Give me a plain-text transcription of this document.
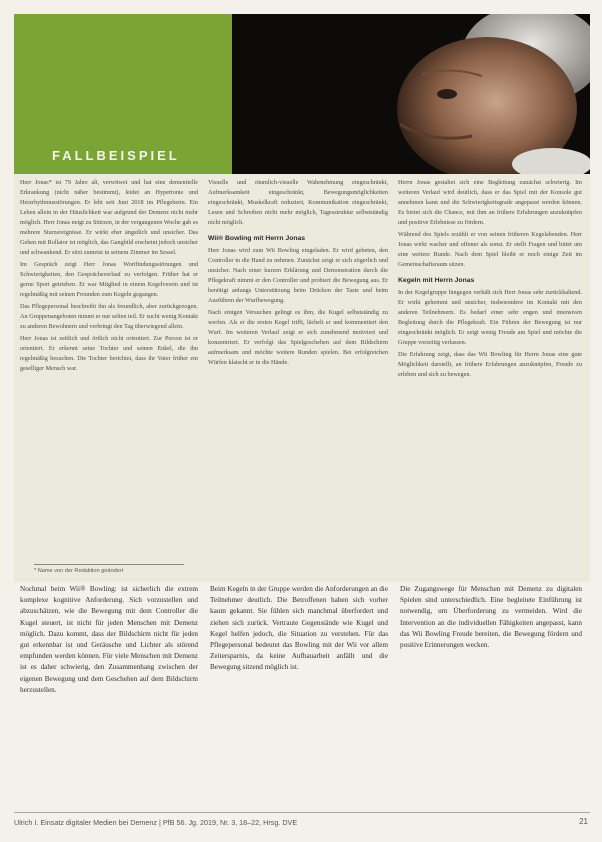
FALLBEISPIEL

Herr Jonas* ist 79 Jahre alt, verwitwet und hat eine dementielle Erkrankung (nicht näher bestimmt), leidet an Hypertonie und Herzrhythmusstörungen. Er lebt seit Juni 2018 im Pflegeheim. Ein Leben allein in der Häuslichkeit war aufgrund der Demenz nicht mehr möglich. Herr Jonas neigt zu Stürzen, in der vergangenen Woche gab es mehrere Sturzereignisse. Er wirkt eher ängstlich und unsicher. Das Gehen mit Rollator ist möglich, das Gangbild erscheint jedoch unsicher und schwankend. Er sitzt zumeist in seinem Zimmer im Sessel.

Im Gespräch zeigt Herr Jonas Wortfindungsstörungen und Schwierigkeiten, den Gesprächsverlauf zu verfolgen. Früher hat er gerne Sport getrieben. Er war Mitglied in einem Kegelverein und ist regelmäßig mit seinen Freunden zum Kegeln gegangen.

Das Pflegepersonal beschreibt ihn als freundlich, aber zurückgezogen. An Gruppenangeboten nimmt er nur selten teil. Er sucht wenig Kontakt zu anderen Bewohnern und verbringt den Tag überwiegend allein.

Herr Jonas ist zeitlich und örtlich nicht orientiert. Zur Person ist er orientiert. Er erkennt seine Tochter und seinen Enkel, die ihn regelmäßig besuchen. Die Tochter berichtet, dass ihr Vater früher ein geselliger Mensch war.

* Name von der Redaktion geändert

Visuelle und räumlich-visuelle Wahrnehmung eingeschränkt, Aufmerksamkeit eingeschränkt, Bewegungsmöglichkeiten eingeschränkt, Muskelkraft reduziert, Kommunikation eingeschränkt, Lesen und Schreiben nicht mehr möglich, Tagesstruktur selbstständig nicht möglich.

Wii® Bowling mit Herrn Jonas

Herr Jonas wird zum Wii Bowling eingeladen. Er wird gebeten, den Controller in die Hand zu nehmen. Zunächst zeigt er sich zögerlich und unsicher. Nach einer kurzen Erklärung und Demonstration durch die Pflegekraft nimmt er den Controller und probiert die Bewegung aus. Er benötigt anfangs Unterstützung beim Drücken der Taste und beim Ausführen der Wurfbewegung.

Nach einigen Versuchen gelingt es ihm, die Kugel selbstständig zu werfen. Als er die ersten Kegel trifft, lächelt er und kommentiert den Wurf. Im weiteren Verlauf zeigt er sich zunehmend motiviert und konzentriert. Er verfolgt das Spielgeschehen auf dem Bildschirm aufmerksam und möchte weitere Runden spielen. Bei erfolgreichen Würfen klatscht er in die Hände.

Herrn Jonas gestaltet sich eine Begleitung zunächst schwierig. Im weiteren Verlauf wird deutlich, dass er das Spiel mit der Konsole gut annehmen kann und die Schwierigkeitsgrade angepasst werden können. Es bietet sich die Chance, mit ihm an frühere Erfahrungen anzuknüpfen und positive Erlebnisse zu fördern.

Während des Spiels erzählt er von seinen früheren Kegelabenden. Herr Jonas wirkt wacher und offener als sonst. Er stellt Fragen und bittet um eine weitere Runde. Nach dem Spiel bleibt er noch einige Zeit im Gemeinschaftsraum sitzen.

Kegeln mit Herrn Jonas

In der Kegelgruppe hingegen verhält sich Herr Jonas sehr zurückhaltend. Er wirkt gehemmt und unsicher, insbesondere im Kontakt mit den anderen Teilnehmern. Es bedarf einer sehr engen und intensiven Begleitung durch die Pflegekraft. Ein Führen der Bewegung ist nur eingeschränkt möglich. Er zeigt wenig Freude am Spiel und möchte die Gruppe vorzeitig verlassen.

Die Erfahrung zeigt, dass das Wii Bowling für Herrn Jonas eine gute Möglichkeit darstellt, an frühere Erfahrungen anzuknüpfen, Freude zu erleben und sich zu bewegen.

Nochmal beim Wii® Bowling: ist sicherlich die extrem komplexe kognitive Anforderung. Sich vorzustellen und abzuschätzen, wie die Bewegung mit dem Controller die Kugel steuert, ist nicht für jeden Menschen mit Demenz möglich. Dazu kommt, dass der Bildschirm nicht für jeden gut erkennbar ist und Geräusche und Lichter als störend empfunden werden können. Für viele Menschen mit Demenz ist es daher schwierig, den Zusammenhang zwischen der eigenen Bewegung und dem Geschehen auf dem Bildschirm herzustellen.

Beim Kegeln in der Gruppe werden die Anforderungen an die Teilnehmer deutlich. Die Betroffenen haben sich vorher kaum gekannt. Sie fühlen sich manchmal überfordert und ziehen sich zurück. Vertraute Gegenstände wie Kugel und Kegel helfen jedoch, die Situation zu verstehen. Für das Pflegepersonal bedeutet das Bowling mit der Wii vor allem Zeitersparnis, da keine Aufbauarbeit anfällt und die Bewegung sitzend möglich ist.

Die Zugangswege für Menschen mit Demenz zu digitalen Spielen sind unterschiedlich. Eine begleitete Einführung ist notwendig, um Überforderung zu vermeiden. Wird die Intervention an die individuellen Fähigkeiten angepasst, kann das Wii Bowling Freude bereiten, die Bewegung fördern und positive Erinnerungen wecken.

Ulrich I. Einsatz digitaler Medien bei Demenz | PfB 56. Jg. 2019, Nr. 3, 18–22, Hrsg. DVE	21
